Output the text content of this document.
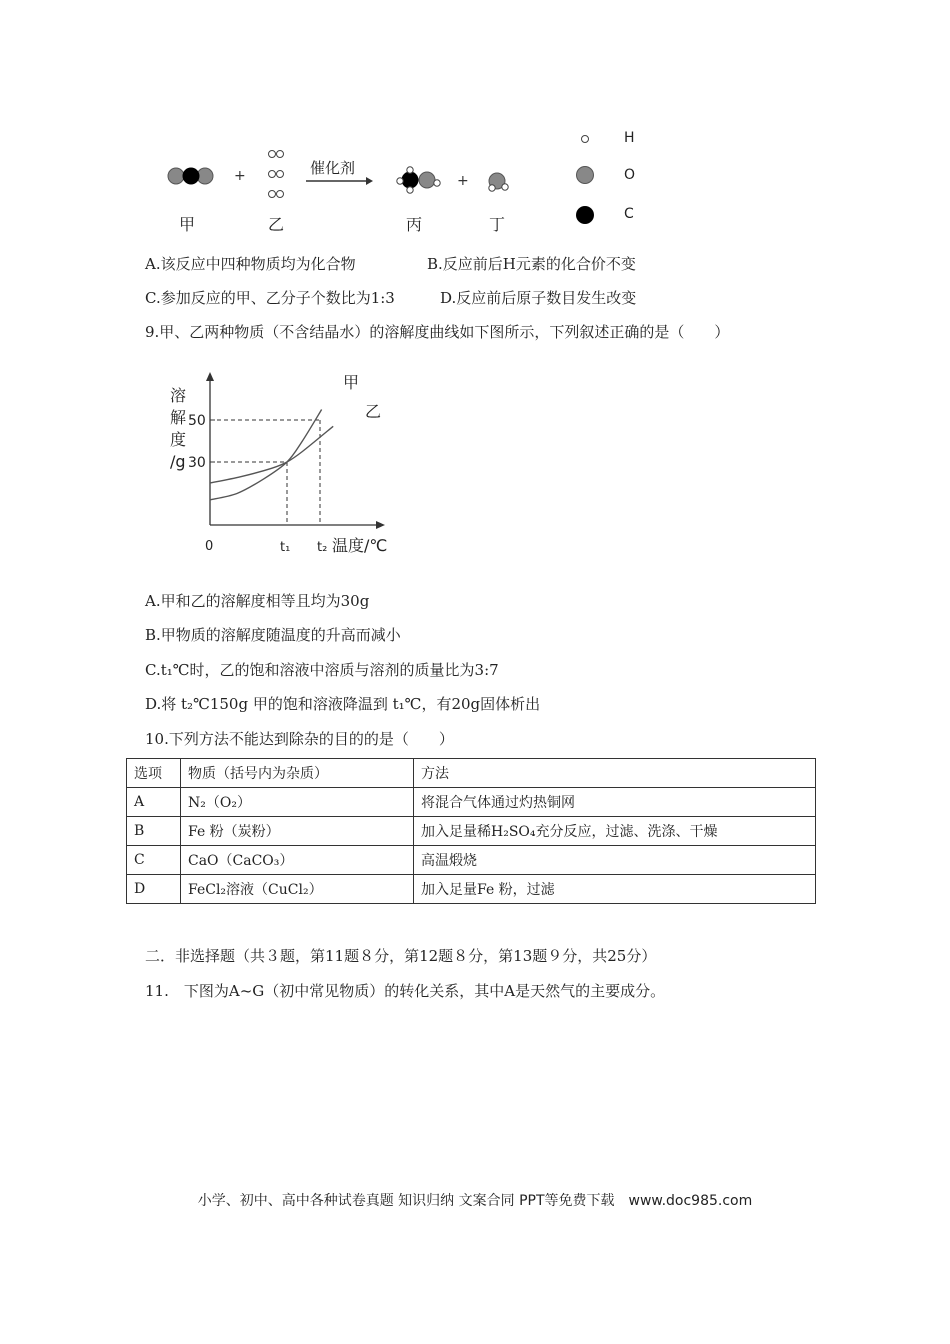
+	催化剂
+
甲	乙	丙	丁
H
O
C
A.该反应中四种物质均为化合物	B.反应前后H元素的化合价不变
C.参加反应的甲、乙分子个数比为1:3	D.反应前后原子数目发生改变
9.甲、乙两种物质（不含结晶水）的溶解度曲线如下图所示，下列叙述正确的是（　　）
甲
乙
溶
解
度
/g 30
50
0	t₁ t₂ 温度/℃
A.甲和乙的溶解度相等且均为30g
B.甲物质的溶解度随温度的升高而减小
C.t₁℃时，乙的饱和溶液中溶质与溶剂的质量比为3:7
D.将 t₂℃150g 甲的饱和溶液降温到 t₁℃，有20g固体析出
10.下列方法不能达到除杂的目的的是（　　）
选项	物质（括号内为杂质）	方法
A	N₂（O₂）	将混合气体通过灼热铜网
B	Fe 粉（炭粉）	加入足量稀H₂SO₄充分反应，过滤、洗涤、干燥
C	CaO（CaCO₃）	高温煅烧
D	FeCl₂溶液（CuCl₂）	加入足量Fe 粉，过滤
二．非选择题（共３题，第11题８分，第12题８分，第13题９分，共25分）
11.　下图为A~G（初中常见物质）的转化关系，其中A是天然气的主要成分。
小学、初中、高中各种试卷真题 知识归纳 文案合同 PPT等免费下载　www.doc985.com
